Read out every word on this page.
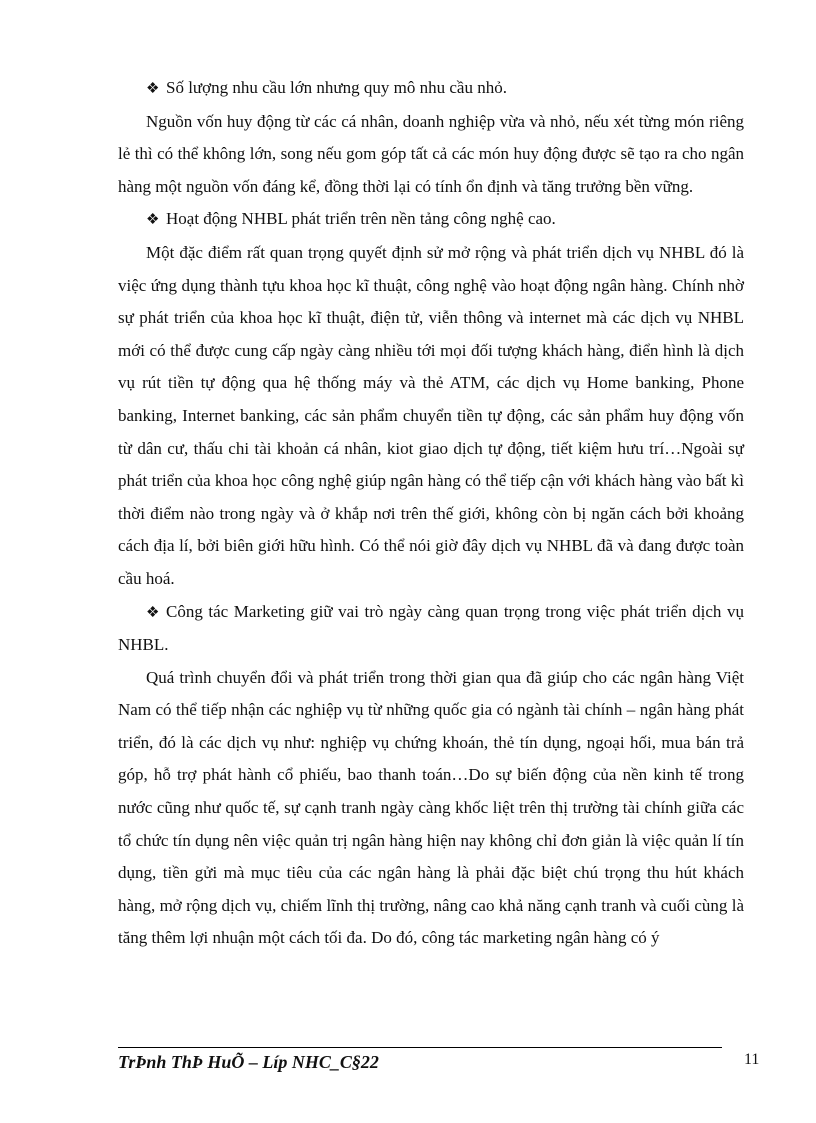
❖ Số lượng nhu cầu lớn nhưng quy mô nhu cầu nhỏ.

Nguồn vốn huy động từ các cá nhân, doanh nghiệp vừa và nhỏ, nếu xét từng món riêng lẻ thì có thể không lớn, song nếu gom góp tất cả các món huy động được sẽ tạo ra cho ngân hàng một nguồn vốn đáng kể, đồng thời lại có tính ổn định và tăng trưởng bền vững.

❖ Hoạt động NHBL phát triển trên nền tảng công nghệ cao.

Một đặc điểm rất quan trọng quyết định sử mở rộng và phát triển dịch vụ NHBL đó là việc ứng dụng thành tựu khoa học kĩ thuật, công nghệ vào hoạt động ngân hàng. Chính nhờ sự phát triển của khoa học kĩ thuật, điện tử, viễn thông và internet mà các dịch vụ NHBL mới có thể được cung cấp ngày càng nhiều tới mọi đối tượng khách hàng, điển hình là dịch vụ rút tiền tự động qua hệ thống máy và thẻ ATM, các dịch vụ Home banking, Phone banking, Internet banking, các sản phẩm chuyển tiền tự động, các sản phẩm huy động vốn từ dân cư, thấu chi tài khoản cá nhân, kiot giao dịch tự động, tiết kiệm hưu trí…Ngoài sự phát triển của khoa học công nghệ giúp ngân hàng có thể tiếp cận với khách hàng vào bất kì thời điểm nào trong ngày và ở khắp nơi trên thế giới, không còn bị ngăn cách bởi khoảng cách địa lí, bởi biên giới hữu hình. Có thể nói giờ đây dịch vụ NHBL đã và đang được toàn cầu hoá.

❖ Công tác Marketing giữ vai trò ngày càng quan trọng trong việc phát triển dịch vụ NHBL.

Quá trình chuyển đổi và phát triển trong thời gian qua đã giúp cho các ngân hàng Việt Nam có thể tiếp nhận các nghiệp vụ từ những quốc gia có ngành tài chính – ngân hàng phát triển, đó là các dịch vụ như: nghiệp vụ chứng khoán, thẻ tín dụng, ngoại hối, mua bán trả góp, hỗ trợ phát hành cổ phiếu, bao thanh toán…Do sự biến động của nền kinh tế trong nước cũng như quốc tế, sự cạnh tranh ngày càng khốc liệt trên thị trường tài chính giữa các tổ chức tín dụng nên việc quản trị ngân hàng hiện nay không chỉ đơn giản là việc quản lí tín dụng, tiền gửi mà mục tiêu của các ngân hàng là phải đặc biệt chú trọng thu hút khách hàng, mở rộng dịch vụ, chiếm lĩnh thị trường, nâng cao khả năng cạnh tranh và cuối cùng là tăng thêm lợi nhuận một cách tối đa. Do đó, công tác marketing ngân hàng có ý

TrÞnh ThÞ HuÕ – Líp NHC_C§22	11
